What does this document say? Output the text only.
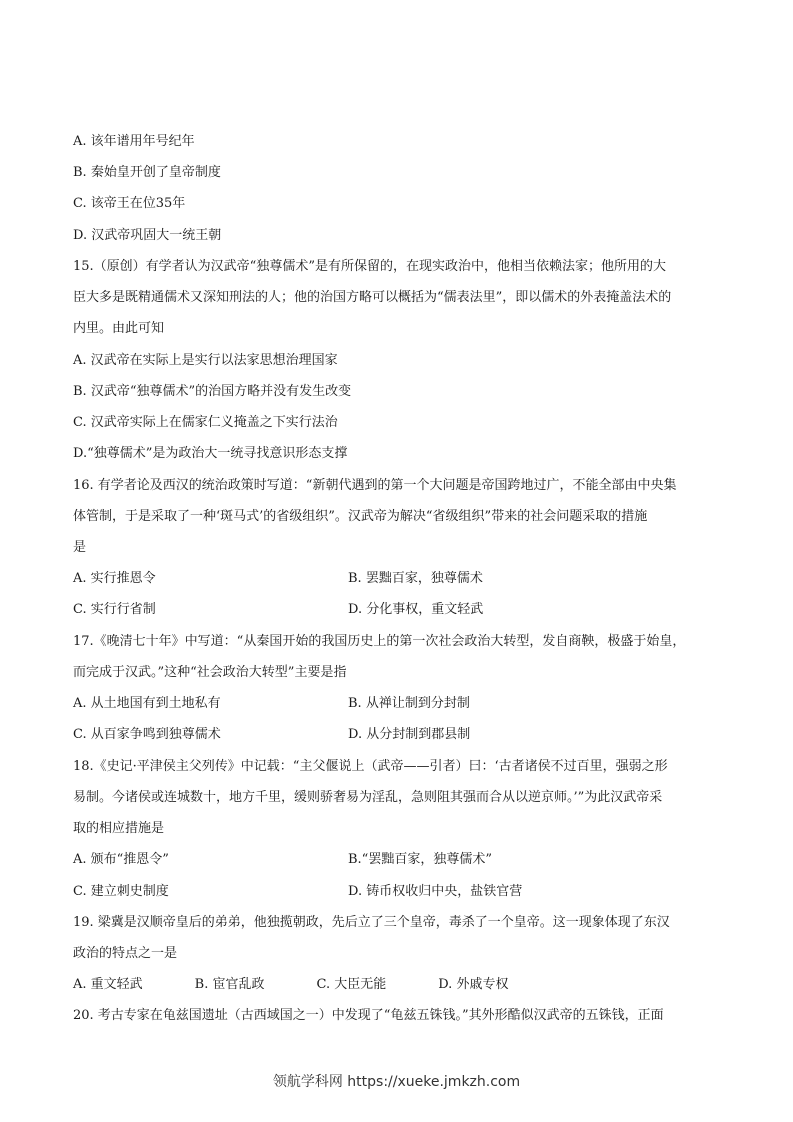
A. 该年谱用年号纪年
B. 秦始皇开创了皇帝制度
C. 该帝王在位35年
D. 汉武帝巩固大一统王朝
15.（原创）有学者认为汉武帝“独尊儒术”是有所保留的，在现实政治中，他相当依赖法家；他所用的大
臣大多是既精通儒术又深知刑法的人；他的治国方略可以概括为“儒表法里”，即以儒术的外表掩盖法术的
内里。由此可知
A. 汉武帝在实际上是实行以法家思想治理国家
B. 汉武帝“独尊儒术”的治国方略并没有发生改变
C. 汉武帝实际上在儒家仁义掩盖之下实行法治
D.“独尊儒术”是为政治大一统寻找意识形态支撑
16. 有学者论及西汉的统治政策时写道：“新朝代遇到的第一个大问题是帝国跨地过广，不能全部由中央集
体管制，于是采取了一种‘斑马式’的省级组织”。汉武帝为解决“省级组织”带来的社会问题采取的措施
是
A. 实行推恩令	B. 罢黜百家，独尊儒术
C. 实行行省制	D. 分化事权，重文轻武
17.《晚清七十年》中写道：“从秦国开始的我国历史上的第一次社会政治大转型，发自商鞅，极盛于始皇，
而完成于汉武。”这种“社会政治大转型”主要是指
A. 从土地国有到土地私有	B. 从禅让制到分封制
C. 从百家争鸣到独尊儒术	D. 从分封制到郡县制
18.《史记·平津侯主父列传》中记载：“主父偃说上（武帝——引者）曰：‘古者诸侯不过百里，强弱之形
易制。今诸侯或连城数十，地方千里，缓则骄奢易为淫乱，急则阻其强而合从以逆京师。’”为此汉武帝采
取的相应措施是
A. 颁布“推恩令”	B.“罢黜百家，独尊儒术”
C. 建立刺史制度	D. 铸币权收归中央，盐铁官营
19. 梁冀是汉顺帝皇后的弟弟，他独揽朝政，先后立了三个皇帝，毒杀了一个皇帝。这一现象体现了东汉
政治的特点之一是
A. 重文轻武　　　　B. 宦官乱政　　　　C. 大臣无能　　　　D. 外戚专权
20. 考古专家在龟兹国遗址（古西域国之一）中发现了“龟兹五铢钱。”其外形酷似汉武帝的五铢钱，正面
领航学科网 https://xueke.jmkzh.com
